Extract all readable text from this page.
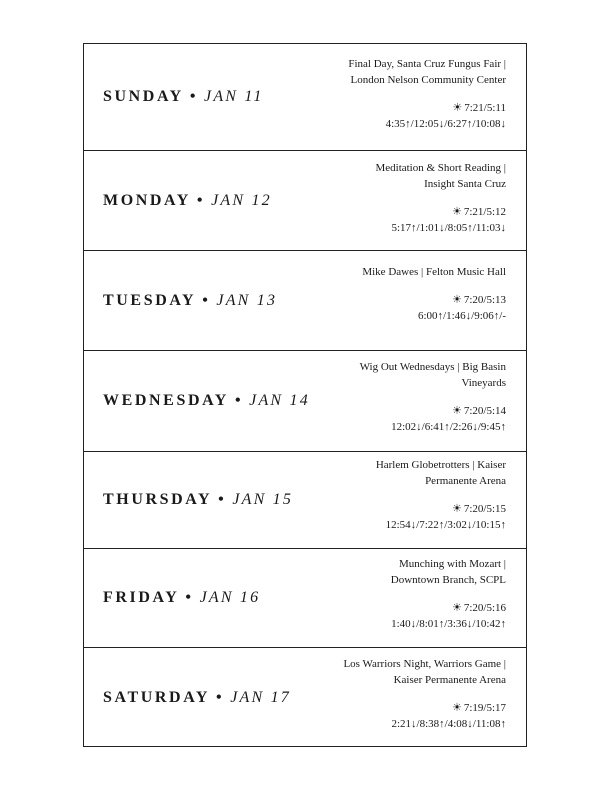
SUNDAY • JAN 11
Final Day, Santa Cruz Fungus Fair | London Nelson Community Center
☀ 7:21/5:11
4:35↑/12:05↓/6:27↑/10:08↓
MONDAY • JAN 12
Meditation & Short Reading | Insight Santa Cruz
☀ 7:21/5:12
5:17↑/1:01↓/8:05↑/11:03↓
TUESDAY • JAN 13
Mike Dawes | Felton Music Hall
☀ 7:20/5:13
6:00↑/1:46↓/9:06↑/-
WEDNESDAY • JAN 14
Wig Out Wednesdays | Big Basin Vineyards
☀ 7:20/5:14
12:02↓/6:41↑/2:26↓/9:45↑
THURSDAY • JAN 15
Harlem Globetrotters | Kaiser Permanente Arena
☀ 7:20/5:15
12:54↓/7:22↑/3:02↓/10:15↑
FRIDAY • JAN 16
Munching with Mozart | Downtown Branch, SCPL
☀ 7:20/5:16
1:40↓/8:01↑/3:36↓/10:42↑
SATURDAY • JAN 17
Los Warriors Night, Warriors Game | Kaiser Permanente Arena
☀ 7:19/5:17
2:21↓/8:38↑/4:08↓/11:08↑
